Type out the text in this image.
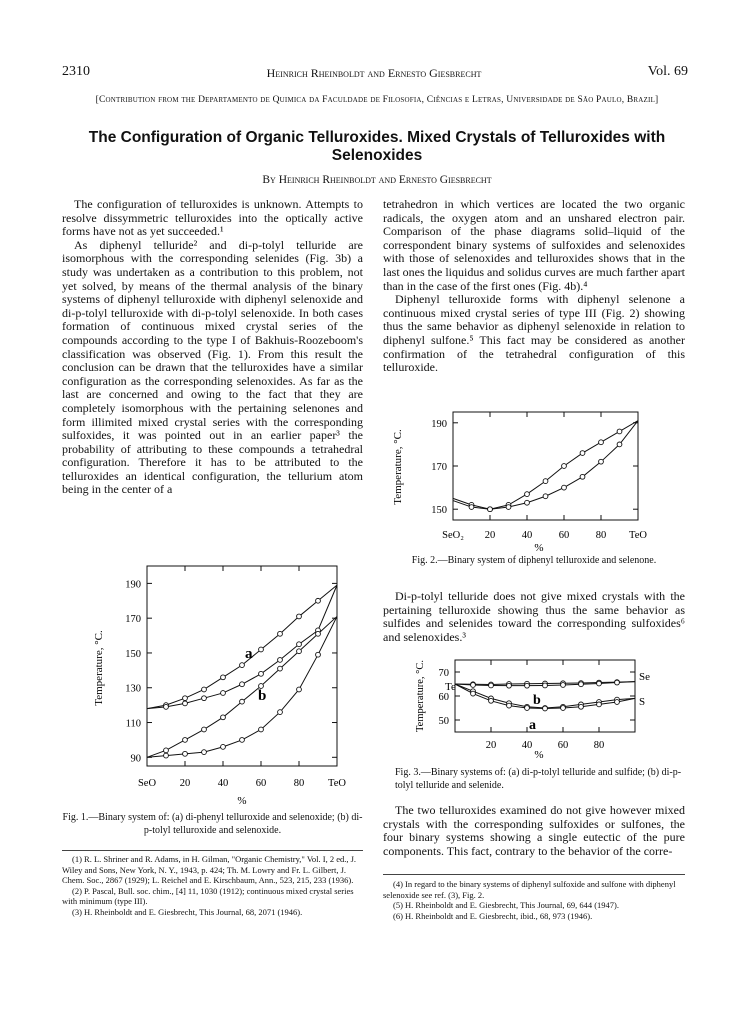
2310	Heinrich Rheinboldt and Ernesto Giesbrecht	Vol. 69
[Contribution from the Departamento de Quimica da Faculdade de Filosofia, Ciências e Letras, Universidade de São Paulo, Brazil]
The Configuration of Organic Telluroxides. Mixed Crystals of Telluroxides with Selenoxides
By Heinrich Rheinboldt and Ernesto Giesbrecht

The configuration of telluroxides is unknown. Attempts to resolve dissymmetric telluroxides into the optically active forms have not as yet succeeded.¹

As diphenyl telluride² and di-p-tolyl telluride are isomorphous with the corresponding selenides (Fig. 3b) a study was undertaken as a contribution to this problem, not yet solved, by means of the thermal analysis of the binary systems of diphenyl telluroxide with diphenyl selenoxide and di-p-tolyl telluroxide with di-p-tolyl selenoxide. In both cases formation of continuous mixed crystal series of the compounds according to the type I of Bakhuis-Roozeboom's classification was observed (Fig. 1). From this result the conclusion can be drawn that the telluroxides have a similar configuration as the corresponding selenoxides. As far as the last are concerned and owing to the fact that they are completely isomorphous with the pertaining selenones and form illimited mixed crystal series with the corresponding sulfoxides, it was pointed out in an earlier paper³ the probability of attributing to these compounds a tetrahedral configuration. Therefore it has to be attributed to the telluroxides an identical configuration, the tellurium atom being in the center of a

tetrahedron in which vertices are located the two organic radicals, the oxygen atom and an unshared electron pair. Comparison of the phase diagrams solid–liquid of the correspondent binary systems of sulfoxides and selenoxides with those of selenoxides and telluroxides shows that in the last ones the liquidus and solidus curves are much farther apart than in the case of the first ones (Fig. 4b).⁴

Diphenyl telluroxide forms with diphenyl selenone a continuous mixed crystal series of type III (Fig. 2) showing thus the same behavior as diphenyl selenoxide in relation to diphenyl sulfone.⁵ This fact may be considered as another confirmation of the tetrahedral configuration of this telluroxide.

190
170
150
SeO₂ 20	40	60	80 TeO
Temperature, °C.
%
Fig. 2.—Binary system of diphenyl telluroxide and selenone.

Di-p-tolyl telluride does not give mixed crystals with the pertaining telluroxide showing thus the same behavior as sulfides and selenides toward the corresponding sulfoxides⁶ and selenoxides.³

70
60
50
20 40 60 80
Temperature, °C.
%
Te
Se
S
b
a
Fig. 3.—Binary systems of: (a) di-p-tolyl telluride and sulfide; (b) di-p-tolyl telluride and selenide.

The two telluroxides examined do not give however mixed crystals with the corresponding sulfoxides or sulfones, the four binary systems showing a single eutectic of the pure components. This fact, contrary to the behavior of the corre-

190
170
150
130
110
90
SeO 20	40	60	80 TeO
Temperature, °C.
%
a
b
Fig. 1.—Binary system of: (a) di-phenyl telluroxide and selenoxide; (b) di-p-tolyl telluroxide and selenoxide.

(1) R. L. Shriner and R. Adams, in H. Gilman, "Organic Chemistry," Vol. I, 2 ed., J. Wiley and Sons, New York, N. Y., 1943, p. 424; Th. M. Lowry and Fr. L. Gilbert, J. Chem. Soc., 2867 (1929); L. Reichel and E. Kirschbaum, Ann., 523, 215, 233 (1936).

(2) P. Pascal, Bull. soc. chim., [4] 11, 1030 (1912); continuous mixed crystal series with minimum (type III).

(3) H. Rheinboldt and E. Giesbrecht, This Journal, 68, 2071 (1946).

(4) In regard to the binary systems of diphenyl sulfoxide and sulfone with diphenyl selenoxide see ref. (3), Fig. 2.

(5) H. Rheinboldt and E. Giesbrecht, This Journal, 69, 644 (1947).

(6) H. Rheinboldt and E. Giesbrecht, ibid., 68, 973 (1946).
